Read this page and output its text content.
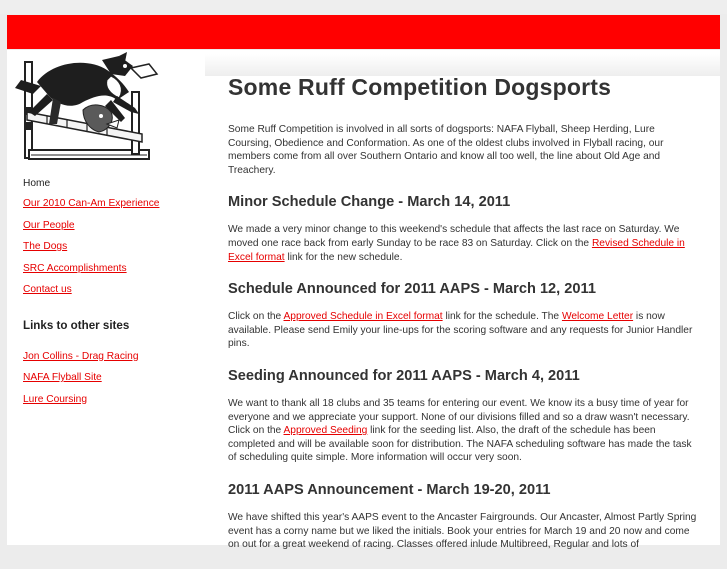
Home
Our 2010 Can-Am Experience
Our People
The Dogs
SRC Accomplishments
Contact us
Links to other sites
Jon Collins - Drag Racing
NAFA Flyball Site
Lure Coursing
Some Ruff Competition Dogsports

Some Ruff Competition is involved in all sorts of dogsports: NAFA Flyball, Sheep Herding, Lure Coursing, Obedience and Conformation. As one of the oldest clubs involved in Flyball racing, our members come from all over Southern Ontario and know all too well, the line about Old Age and Treachery.

Minor Schedule Change - March 14, 2011

We made a very minor change to this weekend's schedule that affects the last race on Saturday. We moved one race back from early Sunday to be race 83 on Saturday. Click on the Revised Schedule in Excel format link for the new schedule.

Schedule Announced for 2011 AAPS - March 12, 2011

Click on the Approved Schedule in Excel format link for the schedule. The Welcome Letter is now available. Please send Emily your line-ups for the scoring software and any requests for Junior Handler pins.

Seeding Announced for 2011 AAPS - March 4, 2011

We want to thank all 18 clubs and 35 teams for entering our event. We know its a busy time of year for everyone and we appreciate your support. None of our divisions filled and so a draw wasn't necessary. Click on the Approved Seeding link for the seeding list. Also, the draft of the schedule has been completed and will be available soon for distribution. The NAFA scheduling software has made the task of scheduling quite simple. More information will occur very soon.

2011 AAPS Announcement - March 19-20, 2011

We have shifted this year's AAPS event to the Ancaster Fairgrounds. Our Ancaster, Almost Partly Spring event has a corny name but we liked the initials. Book your entries for March 19 and 20 now and come on out for a great weekend of racing. Classes offered inlude Multibreed, Regular and lots of
